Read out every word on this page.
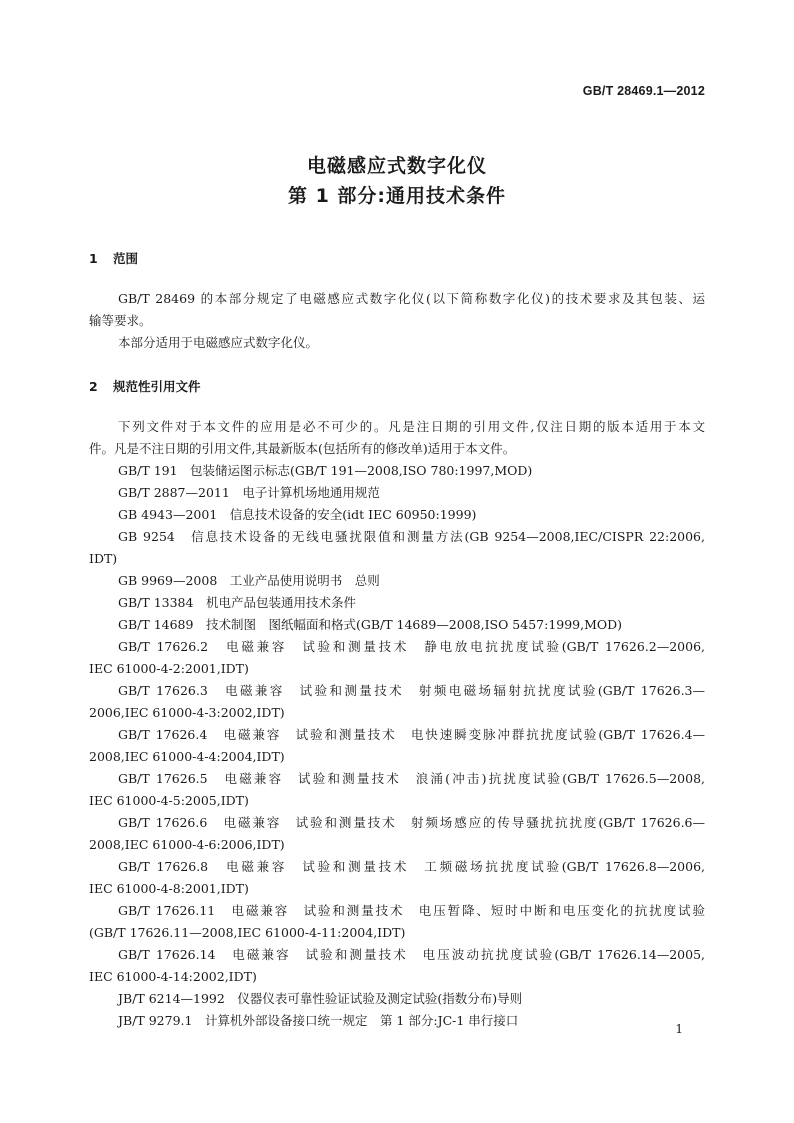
GB/T 28469.1—2012
电磁感应式数字化仪
第 1 部分:通用技术条件
1 范围
GB/T 28469 的本部分规定了电磁感应式数字化仪(以下简称数字化仪)的技术要求及其包装、运
输等要求。
本部分适用于电磁感应式数字化仪。
2 规范性引用文件
下列文件对于本文件的应用是必不可少的。凡是注日期的引用文件,仅注日期的版本适用于本文
件。凡是不注日期的引用文件,其最新版本(包括所有的修改单)适用于本文件。
GB/T 191　包装储运图示标志(GB/T 191—2008,ISO 780:1997,MOD)
GB/T 2887—2011　电子计算机场地通用规范
GB 4943—2001　信息技术设备的安全(idt IEC 60950:1999)
GB 9254　信息技术设备的无线电骚扰限值和测量方法(GB 9254—2008,IEC/CISPR 22:2006,
IDT)
GB 9969—2008　工业产品使用说明书　总则
GB/T 13384　机电产品包装通用技术条件
GB/T 14689　技术制图　图纸幅面和格式(GB/T 14689—2008,ISO 5457:1999,MOD)
GB/T 17626.2　电磁兼容　试验和测量技术　静电放电抗扰度试验(GB/T 17626.2—2006,
IEC 61000-4-2:2001,IDT)
GB/T 17626.3　电磁兼容　试验和测量技术　射频电磁场辐射抗扰度试验(GB/T 17626.3—
2006,IEC 61000-4-3:2002,IDT)
GB/T 17626.4　电磁兼容　试验和测量技术　电快速瞬变脉冲群抗扰度试验(GB/T 17626.4—
2008,IEC 61000-4-4:2004,IDT)
GB/T 17626.5　电磁兼容　试验和测量技术　浪涌(冲击)抗扰度试验(GB/T 17626.5—2008,
IEC 61000-4-5:2005,IDT)
GB/T 17626.6　电磁兼容　试验和测量技术　射频场感应的传导骚扰抗扰度(GB/T 17626.6—
2008,IEC 61000-4-6:2006,IDT)
GB/T 17626.8　电磁兼容　试验和测量技术　工频磁场抗扰度试验(GB/T 17626.8—2006,
IEC 61000-4-8:2001,IDT)
GB/T 17626.11　电磁兼容　试验和测量技术　电压暂降、短时中断和电压变化的抗扰度试验
(GB/T 17626.11—2008,IEC 61000-4-11:2004,IDT)
GB/T 17626.14　电磁兼容　试验和测量技术　电压波动抗扰度试验(GB/T 17626.14—2005,
IEC 61000-4-14:2002,IDT)
JB/T 6214—1992　仪器仪表可靠性验证试验及测定试验(指数分布)导则
JB/T 9279.1　计算机外部设备接口统一规定　第 1 部分:JC-1 串行接口
1
